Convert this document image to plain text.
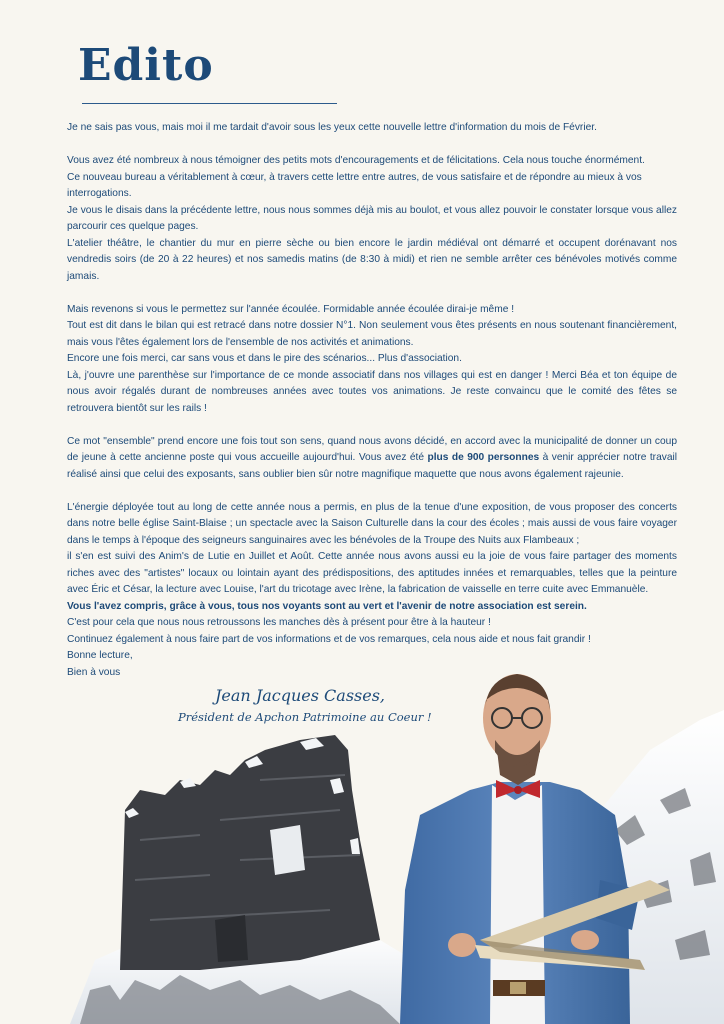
Edito

Je ne sais pas vous, mais moi il me tardait d'avoir sous les yeux cette nouvelle lettre d'information du mois de Février.

Vous avez été nombreux à nous témoigner des petits mots d'encouragements et de félicitations. Cela nous touche énormément.

Ce nouveau bureau a véritablement à cœur, à travers cette lettre entre autres, de vous satisfaire et de répondre au mieux à vos interrogations.

Je vous le disais dans la précédente lettre, nous nous sommes déjà mis au boulot, et vous allez pouvoir le constater lorsque vous allez parcourir ces quelque pages.

L'atelier théâtre, le chantier du mur en pierre sèche ou bien encore le jardin médiéval ont démarré et occupent dorénavant nos vendredis soirs (de 20 à 22 heures) et nos samedis matins (de 8:30 à midi) et rien ne semble arrêter ces bénévoles motivés comme jamais.

Mais revenons si vous le permettez sur l'année écoulée. Formidable année écoulée dirai-je même !

Tout est dit dans le bilan qui est retracé dans notre dossier N°1. Non seulement vous êtes présents en nous soutenant financièrement, mais vous l'êtes également lors de l'ensemble de nos activités et animations.

Encore une fois merci, car sans vous et dans le pire des scénarios... Plus d'association.

Là, j'ouvre une parenthèse sur l'importance de ce monde associatif dans nos villages qui est en danger ! Merci Béa et ton équipe de nous avoir régalés durant de nombreuses années avec toutes vos animations. Je reste convaincu que le comité des fêtes se retrouvera bientôt sur les rails !

Ce mot "ensemble" prend encore une fois tout son sens, quand nous avons décidé, en accord avec la municipalité de donner un coup de jeune à cette ancienne poste qui vous accueille aujourd'hui. Vous avez été plus de 900 personnes à venir apprécier notre travail réalisé ainsi que celui des exposants, sans oublier bien sûr notre magnifique maquette que nous avons également rajeunie.

L'énergie déployée tout au long de cette année nous a permis, en plus de la tenue d'une exposition, de vous proposer des concerts dans notre belle église Saint-Blaise ; un spectacle avec la Saison Culturelle dans la cour des écoles ; mais aussi de vous faire voyager dans le temps à l'époque des seigneurs sanguinaires avec les bénévoles de la Troupe des Nuits aux Flambeaux ;

il s'en est suivi des Anim's de Lutie en Juillet et Août. Cette année nous avons aussi eu la joie de vous faire partager des moments riches avec des "artistes" locaux ou lointain ayant des prédispositions, des aptitudes innées et remarquables, telles que la peinture avec Éric et César, la lecture avec Louise, l'art du tricotage avec Irène, la fabrication de vaisselle en terre cuite avec Emmanuèle.

Vous l'avez compris, grâce à vous, tous nos voyants sont au vert et l'avenir de notre association est serein.

C'est pour cela que nous nous retroussons les manches dès à présent pour être à la hauteur !

Continuez également à nous faire part de vos informations et de vos remarques, cela nous aide et nous fait grandir !

Bonne lecture,

Bien à vous

Jean Jacques Casses,
Président de Apchon Patrimoine au Coeur !
